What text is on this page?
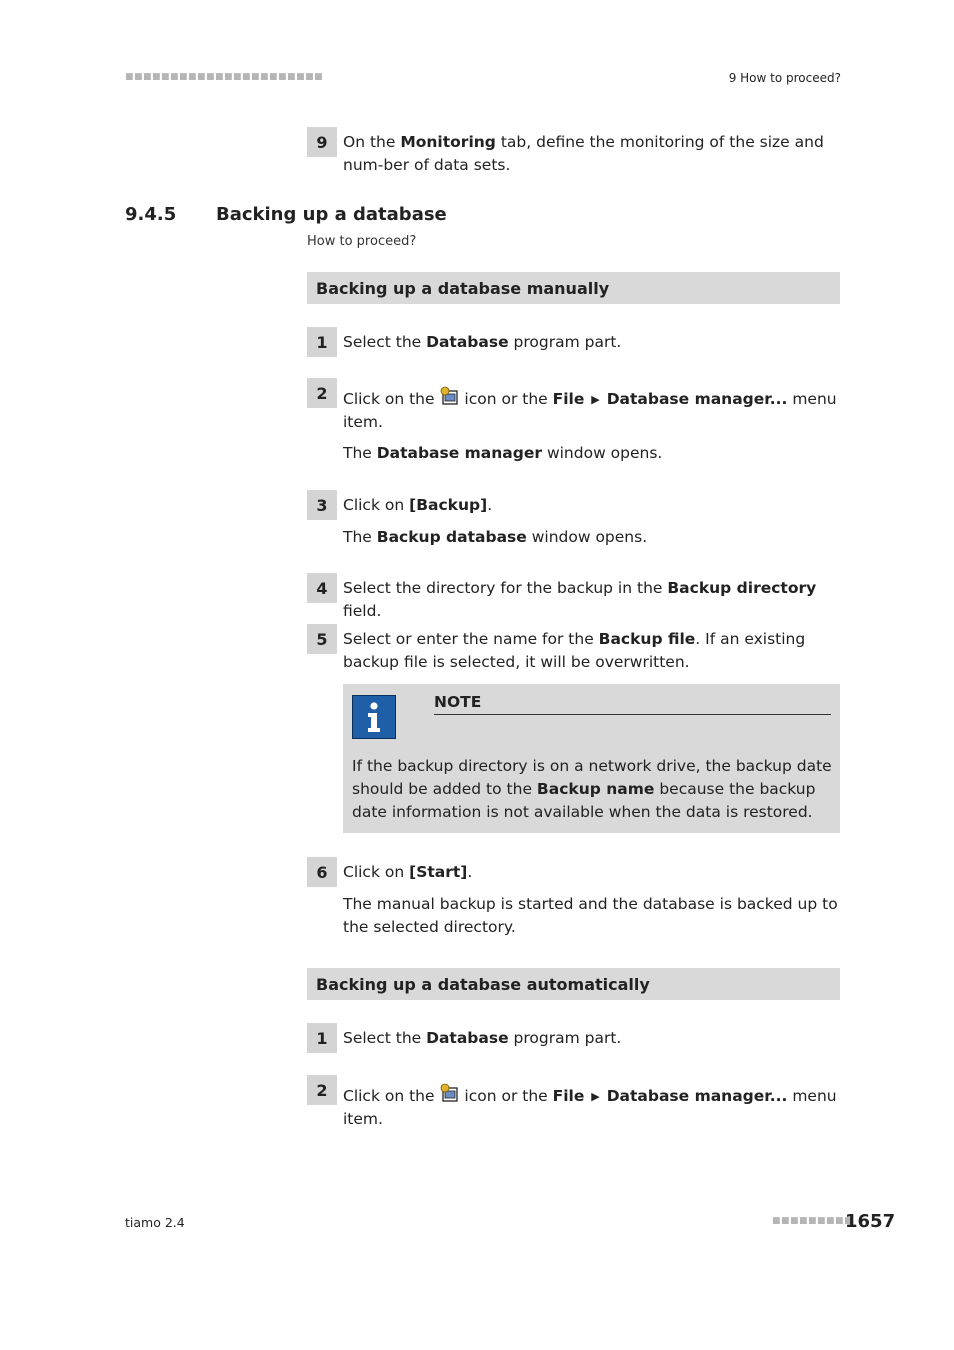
■■■■■■■■■■■■■■■■■■■■■■	9 How to proceed?
9 On the Monitoring tab, define the monitoring of the size and num-ber of data sets.
9.4.5 Backing up a database
How to proceed?
Backing up a database manually
1 Select the Database program part.
2 Click on the  icon or the File ▶ Database manager... menu item.
The Database manager window opens.
3 Click on [Backup].
The Backup database window opens.
4 Select the directory for the backup in the Backup directory field.
5 Select or enter the name for the Backup file. If an existing backup file is selected, it will be overwritten.
NOTE
If the backup directory is on a network drive, the backup date should be added to the Backup name because the backup date information is not available when the data is restored.
6 Click on [Start].
The manual backup is started and the database is backed up to the selected directory.
Backing up a database automatically
1 Select the Database program part.
2 Click on the  icon or the File ▶ Database manager... menu item.
tiamo 2.4	■■■■■■■■■
1657
